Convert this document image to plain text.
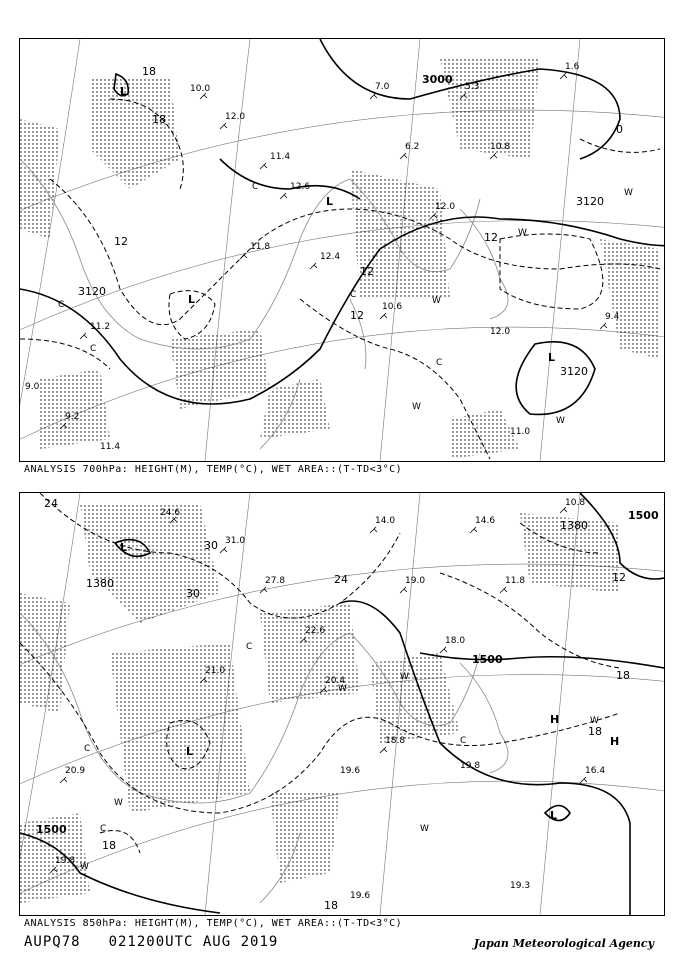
10.0
12.0
11.4
12.6
11.8
12.4
7.0
6.2
12.0
5.3
10.8
1.6
9.4
10.6
12.0
11.0
11.2
9.2
9.0
11.4
3000
3120
3120
3120
18
18
12
12
12
12
0
L
L
L
L
W
W
W
W
W
C
C
C
C
C
ANALYSIS 700hPa: HEIGHT(M), TEMP(°C), WET AREA::(T-TD<3°C)
24.6
31.0
27.8
22.6
21.0
20.4
14.0
19.0
18.0
14.6
11.8
10.8
16.4
18.8
19.8
19.3
20.9
19.8
19.6
19.6
1500
1500
1500
1380
1380
24
30
30
24
18
18
18
18
12
L
L
L
H
H
W
W
W
W
W
C
C
C
C
W
ANALYSIS 850hPa: HEIGHT(M), TEMP(°C), WET AREA::(T-TD<3°C)
AUPQ78 021200UTC AUG 2019	Japan Meteorological Agency
